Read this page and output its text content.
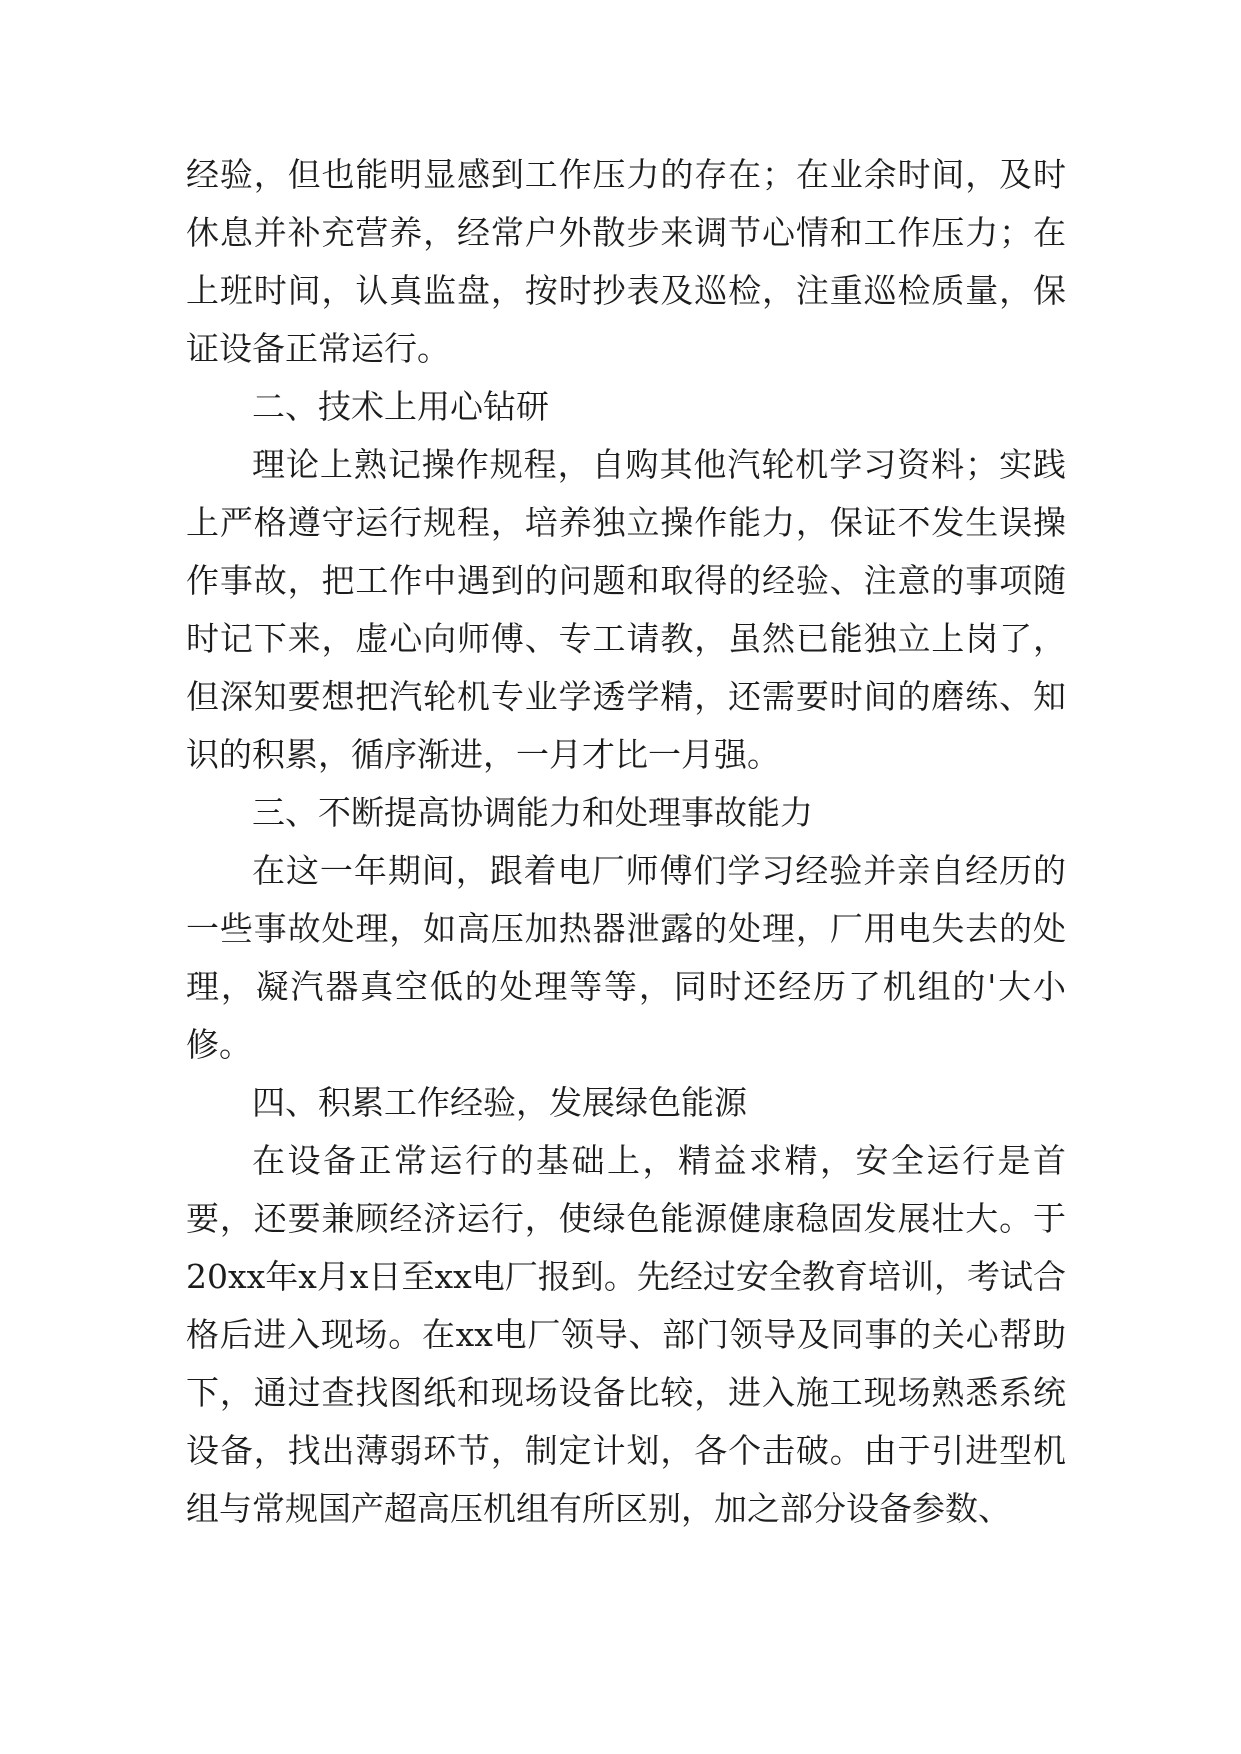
经验，但也能明显感到工作压力的存在；在业余时间，及时休息并补充营养，经常户外散步来调节心情和工作压力；在上班时间，认真监盘，按时抄表及巡检，注重巡检质量，保证设备正常运行。

二、技术上用心钻研

理论上熟记操作规程，自购其他汽轮机学习资料；实践上严格遵守运行规程，培养独立操作能力，保证不发生误操作事故，把工作中遇到的问题和取得的经验、注意的事项随时记下来，虚心向师傅、专工请教，虽然已能独立上岗了，但深知要想把汽轮机专业学透学精，还需要时间的磨练、知识的积累，循序渐进，一月才比一月强。

三、不断提高协调能力和处理事故能力

在这一年期间，跟着电厂师傅们学习经验并亲自经历的一些事故处理，如高压加热器泄露的处理，厂用电失去的处理，凝汽器真空低的处理等等，同时还经历了机组的'大小修。

四、积累工作经验，发展绿色能源

在设备正常运行的基础上，精益求精，安全运行是首要，还要兼顾经济运行，使绿色能源健康稳固发展壮大。于20xx年x月x日至xx电厂报到。先经过安全教育培训，考试合格后进入现场。在xx电厂领导、部门领导及同事的关心帮助下，通过查找图纸和现场设备比较，进入施工现场熟悉系统设备，找出薄弱环节，制定计划，各个击破。由于引进型机组与常规国产超高压机组有所区别，加之部分设备参数、
